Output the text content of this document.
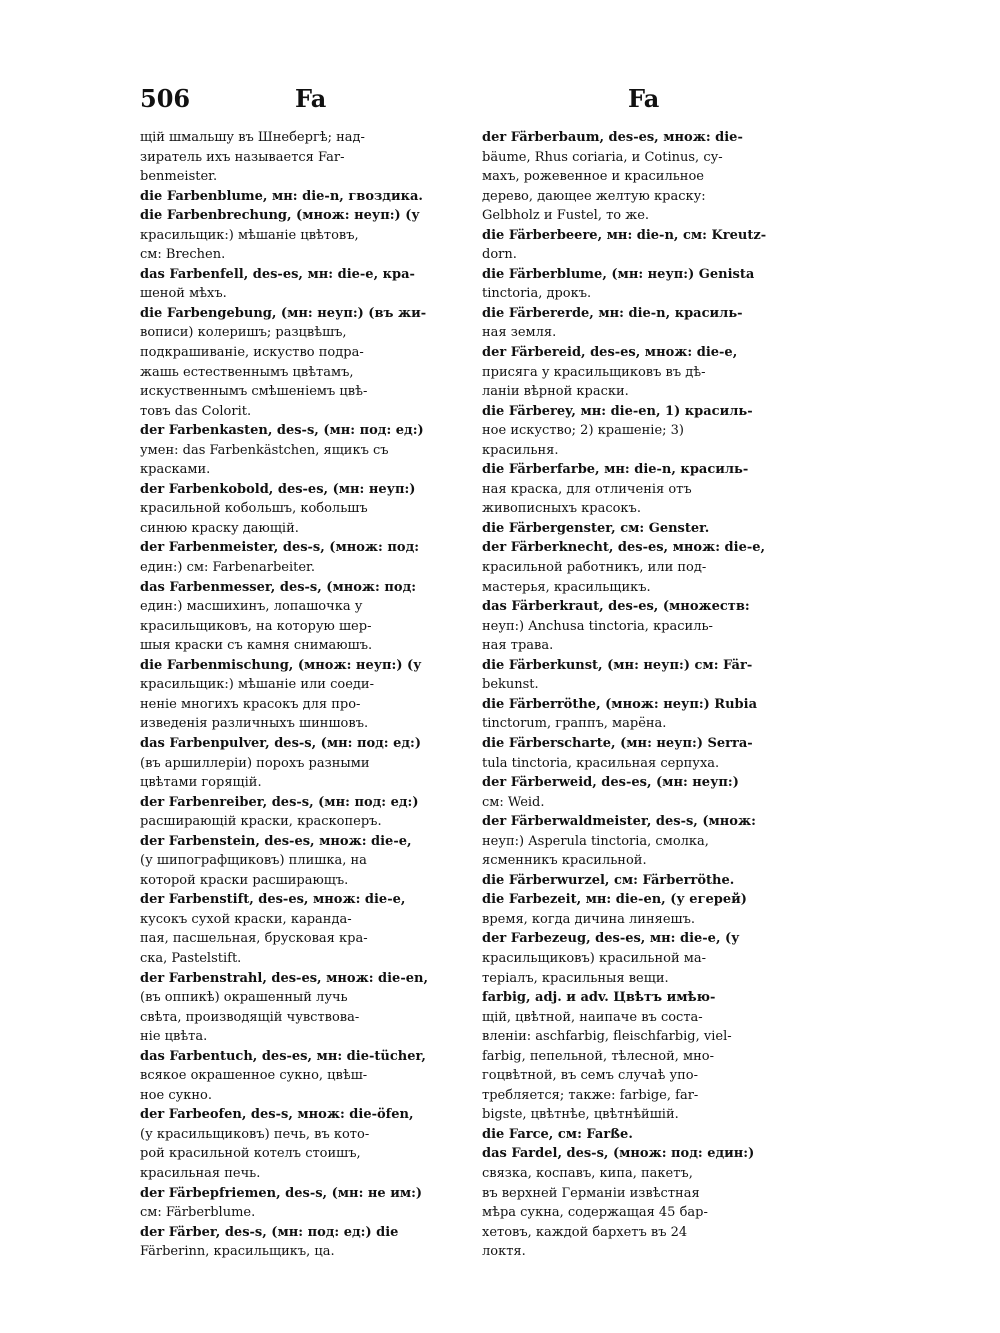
506	Fa	Fa
щій шмальшу въ Шнебергѣ; над-
зиратель ихъ называется Far-
benmeister.
die Farbenblume, мн: die-n, гвоздика.
die Farbenbrechung, (множ: неуп:) (у
красильщик:) мѣшаніе цвѣтовъ,
см: Brechen.
das Farbenfell, des-es, мн: die-e, кра-
шеной мѣхъ.
die Farbengebung, (мн: неуп:) (въ жи-
вописи) колеришъ; разцвѣшъ,
подкрашиваніе, искуство подра-
жашь естественнымъ цвѣтамъ,
искуственнымъ смѣшеніемъ цвѣ-
товъ das Colorit.
der Farbenkasten, des-s, (мн: под: ед:)
умен: das Farbenkästchen, ящикъ съ
красками.
der Farbenkobold, des-es, (мн: неуп:)
красильной кобольшъ, кобольшъ
синюю краску дающій.
der Farbenmeister, des-s, (множ: под:
един:) см: Farbenarbeiter.
das Farbenmesser, des-s, (множ: под:
един:) масшихинъ, лопашочка у
красильщиковъ, на которую шер-
шыя краски съ камня снимаюшъ.
die Farbenmischung, (множ: неуп:) (у
красильщик:) мѣшаніе или соеди-
неніе многихъ красокъ для про-
изведенія различныхъ шиншовъ.
das Farbenpulver, des-s, (мн: под: ед:)
(въ аршиллеріи) порохъ разными
цвѣтами горящій.
der Farbenreiber, des-s, (мн: под: ед:)
расширающій краски, краскоперъ.
der Farbenstein, des-es, множ: die-e,
(у шипографщиковъ) плишка, на
которой краски расширающъ.
der Farbenstift, des-es, множ: die-e,
кусокъ сухой краски, каранда-
пая, пасшельная, брусковая кра-
ска, Pastelstift.
der Farbenstrahl, des-es, множ: die-en,
(въ оппикѣ) окрашенный лучь
свѣта, производящій чувствова-
ніе цвѣта.
das Farbentuch, des-es, мн: die-tücher,
всякое окрашенное сукно, цвѣш-
ное сукно.
der Farbeofen, des-s, множ: die-öfen,
(у красильщиковъ) печь, въ кото-
рой красильной котелъ стоишъ,
красильная печь.
der Färbepfriemen, des-s, (мн: не им:)
см: Färberblume.
der Färber, des-s, (мн: под: ед:) die
Färberinn, красильщикъ, ца.
der Färberbaum, des-es, множ: die-
bäume, Rhus coriaria, и Cotinus, су-
махъ, рожевенное и красильное
дерево, дающее желтую краску:
Gelbholz и Fustel, то же.
die Färberbeere, мн: die-n, см: Kreutz-
dorn.
die Färberblume, (мн: неуп:) Genista
tinctoria, дрокъ.
die Färbererde, мн: die-n, красиль-
ная земля.
der Färbereid, des-es, множ: die-e,
присяга у красильщиковъ въ дѣ-
ланіи вѣрной краски.
die Färberey, мн: die-en, 1) красиль-
ное искуство; 2) крашеніе; 3)
красильня.
die Färberfarbe, мн: die-n, красиль-
ная краска, для отличенія отъ
живописныхъ красокъ.
die Färbergenster, см: Genster.
der Färberknecht, des-es, множ: die-e,
красильной работникъ, или под-
мастерья, красильщикъ.
das Färberkraut, des-es, (множеств:
неуп:) Anchusa tinctoria, красиль-
ная трава.
die Färberkunst, (мн: неуп:) см: Fär-
bekunst.
die Färberröthe, (множ: неуп:) Rubia
tinctorum, граппъ, марёна.
die Färberscharte, (мн: неуп:) Serra-
tula tinctoria, красильная серпуха.
der Färberweid, des-es, (мн: неуп:)
см: Weid.
der Färberwaldmeister, des-s, (множ:
неуп:) Asperula tinctoria, смолка,
ясменникъ красильной.
die Färberwurzel, см: Färberröthe.
die Farbezeit, мн: die-en, (у егерей)
время, когда дичина линяешъ.
der Farbezeug, des-es, мн: die-e, (у
красильщиковъ) красильной ма-
теріалъ, красильныя вещи.
farbig, adj. и adv. Цвѣтъ имѣю-
щій, цвѣтной, наипаче въ соста-
вленіи: aschfarbig, fleischfarbig, viel-
farbig, пепельной, тѣлесной, мно-
гоцвѣтной, въ семъ случаѣ упо-
требляется; также: farbige, far-
bigste, цвѣтнѣе, цвѣтнѣйшій.
die Farce, см: Farße.
das Fardel, des-s, (множ: под: един:)
связка, коспавъ, кипа, пакетъ,
въ верхней Германіи извѣстная
мѣра сукна, содержащая 45 бар-
хетовъ, каждой бархетъ въ 24
локтя.
